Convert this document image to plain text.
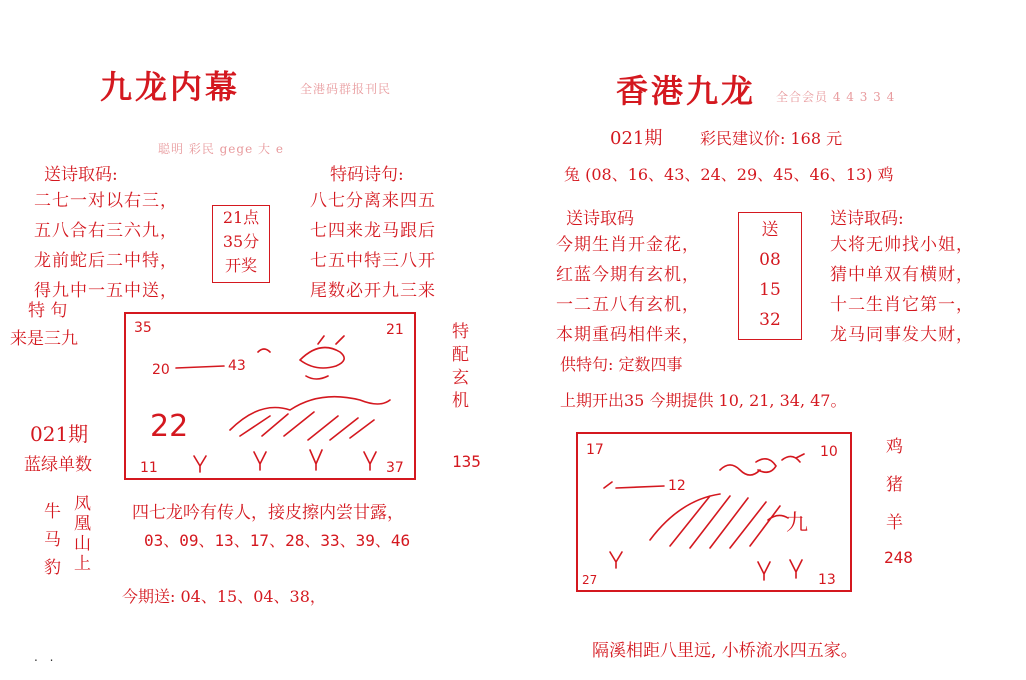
九龙内幕	全港码群报刊民
聪明 彩民 gege 大 e
送诗取码:
二七一对以右三，
五八合右三六九，
龙前蛇后二中特，
得九中一五中送，
21点
35分
开奖
特码诗句:
八七分离来四五
七四来龙马跟后
七五中特三八开
尾数必开九三来
特 句
来是三九
021期
蓝绿单数
35	21
11	37
20	43
22
特配玄机
135
牛
马
豹
凤
凰
山
上
四七龙吟有传人，接皮擦内尝甘露，
03、09、13、17、28、33、39、46
今期送: 04、15、04、38，
. .
香港九龙 全合会员 4 4 3 3 4
021期 彩民建议价: 168 元
兔 (08、16、43、24、29、45、46、13) 鸡
送诗取码
今期生肖开金花，
红蓝今期有玄机，
一二五八有玄机，
本期重码相伴来，
送
08
15
32
送诗取码:
大将无帅找小姐，
猜中单双有横财，
十二生肖它第一，
龙马同事发大财，
供特句: 定数四事
上期开出35 今期提供 10, 21, 34, 47。
17	10
27	13
12
九
鸡
猪
羊
248
隔溪相距八里远, 小桥流水四五家。
